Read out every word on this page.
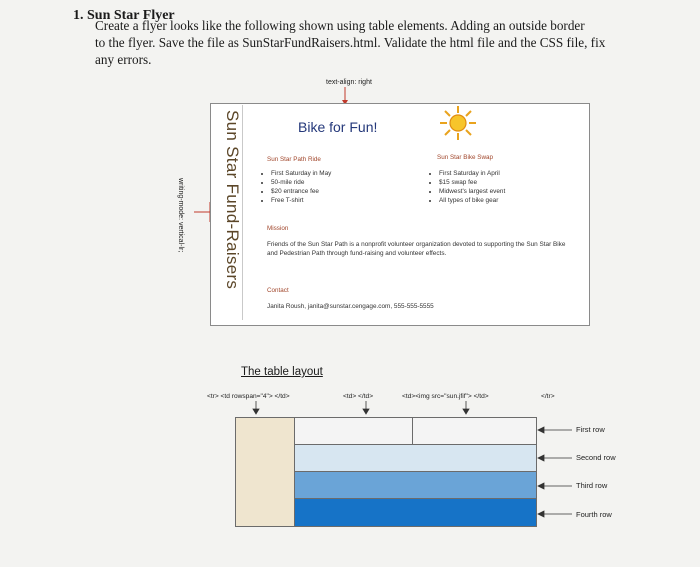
1. Sun Star Flyer
Create a flyer looks like the following shown using table elements. Adding an outside border
to the flyer. Save the file as SunStarFundRaisers.html. Validate the html file and the CSS file, fix
any errors.
text-align: right
writing-mode: vertical-lr; Sun Star Fund-Raisers	Bike for Fun!
Sun Star Path Ride
• First Saturday in May
• 50-mile ride
• $20 entrance fee
• Free T-shirt
Sun Star Bike Swap
• First Saturday in April
• $15 swap fee
• Midwest's largest event
• All types of bike gear
Mission
Friends of the Sun Star Path is a nonprofit volunteer organization devoted to supporting the Sun Star Bike and Pedestrian Path through fund-raising and volunteer effects.
Contact
Janita Roush, janita@sunstar.cengage.com, 555-555-5555
The table layout
<tr> <td rowspan="4"> </td>	<td> </td>	<td><img src="sun.jfif"> </td>	</tr>
First row
Second row
Third row
Fourth row
